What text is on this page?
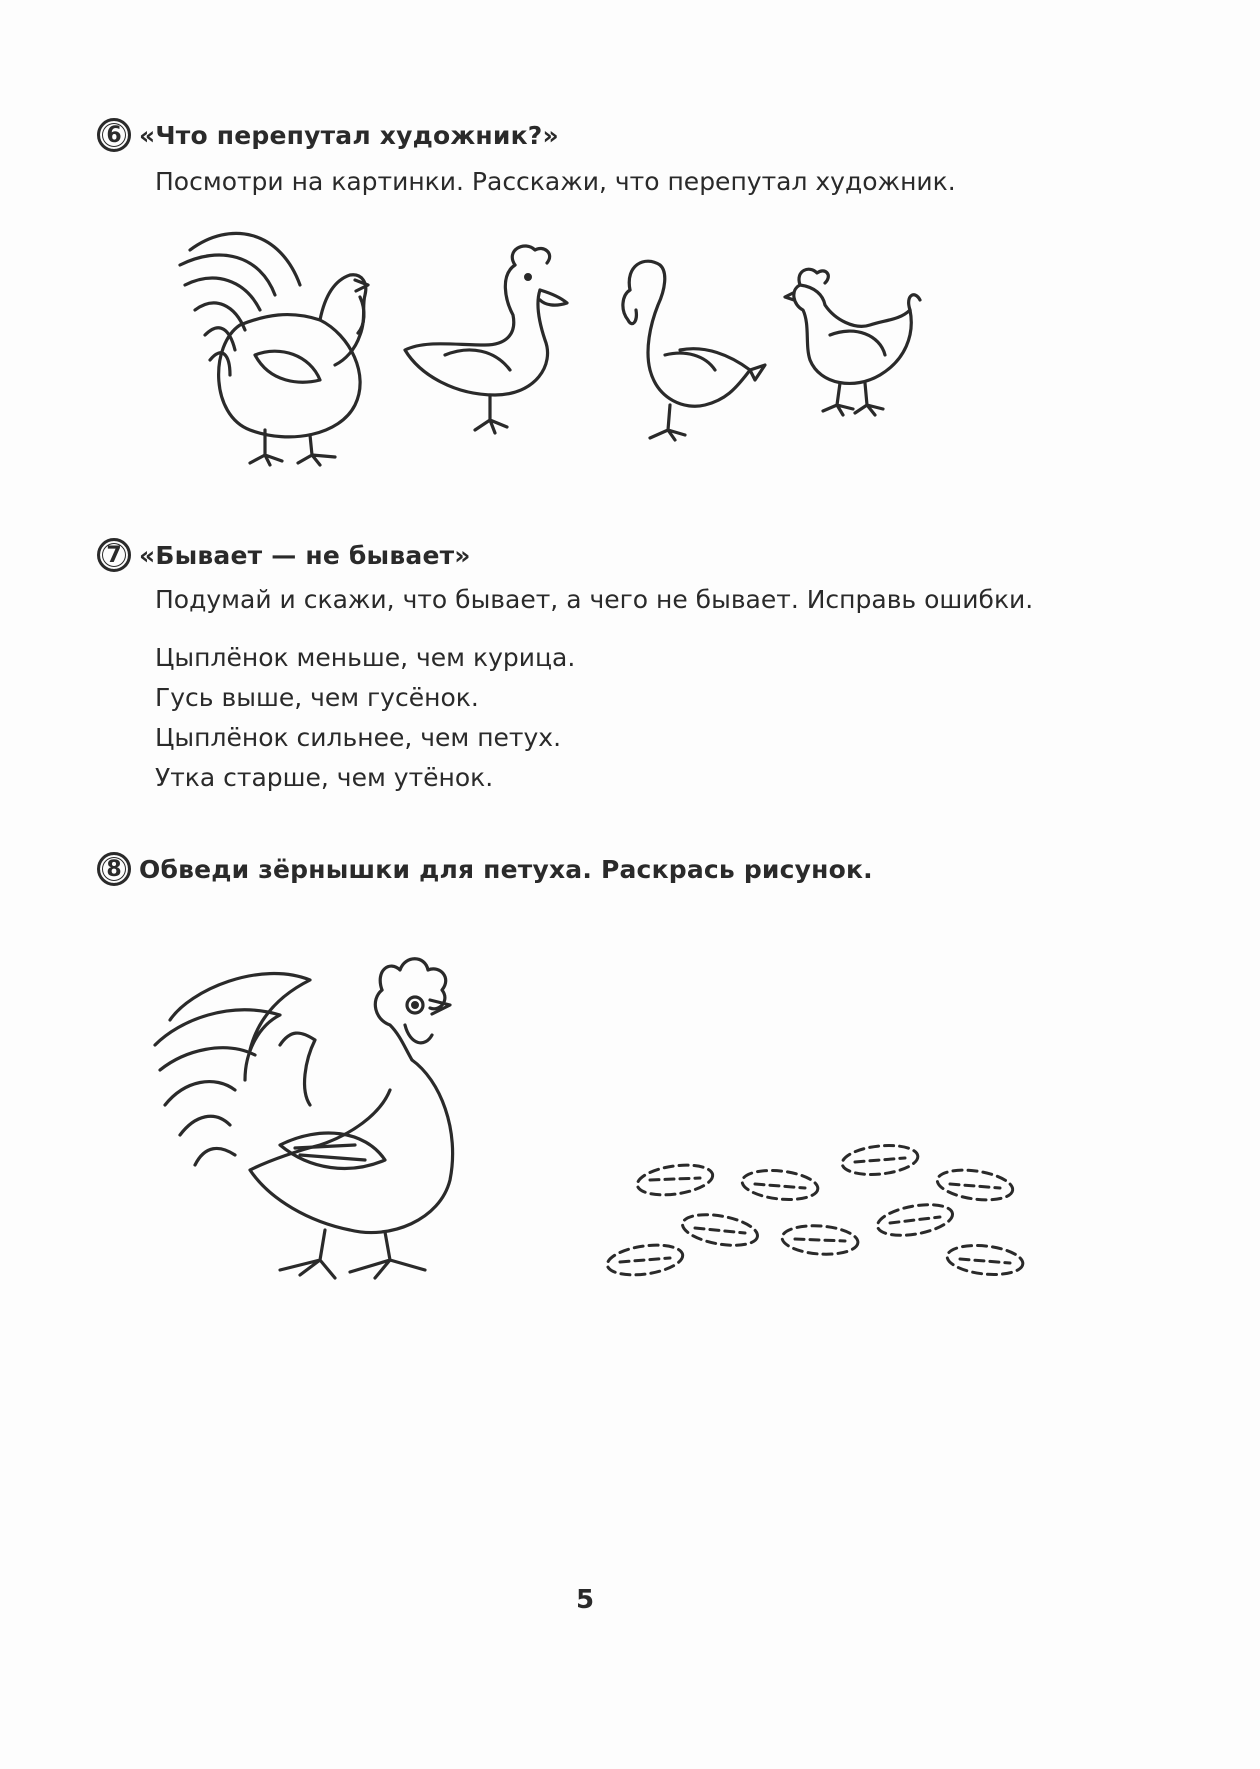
6 «Что перепутал художник?»
Посмотри на картинки. Расскажи, что перепутал художник.
7 «Бывает — не бывает»
Подумай и скажи, что бывает, а чего не бывает. Исправь ошибки.
Цыплёнок меньше, чем курица.
Гусь выше, чем гусёнок.
Цыплёнок сильнее, чем петух.
Утка старше, чем утёнок.
8 Обведи зёрнышки для петуха. Раскрась рисунок.
5
